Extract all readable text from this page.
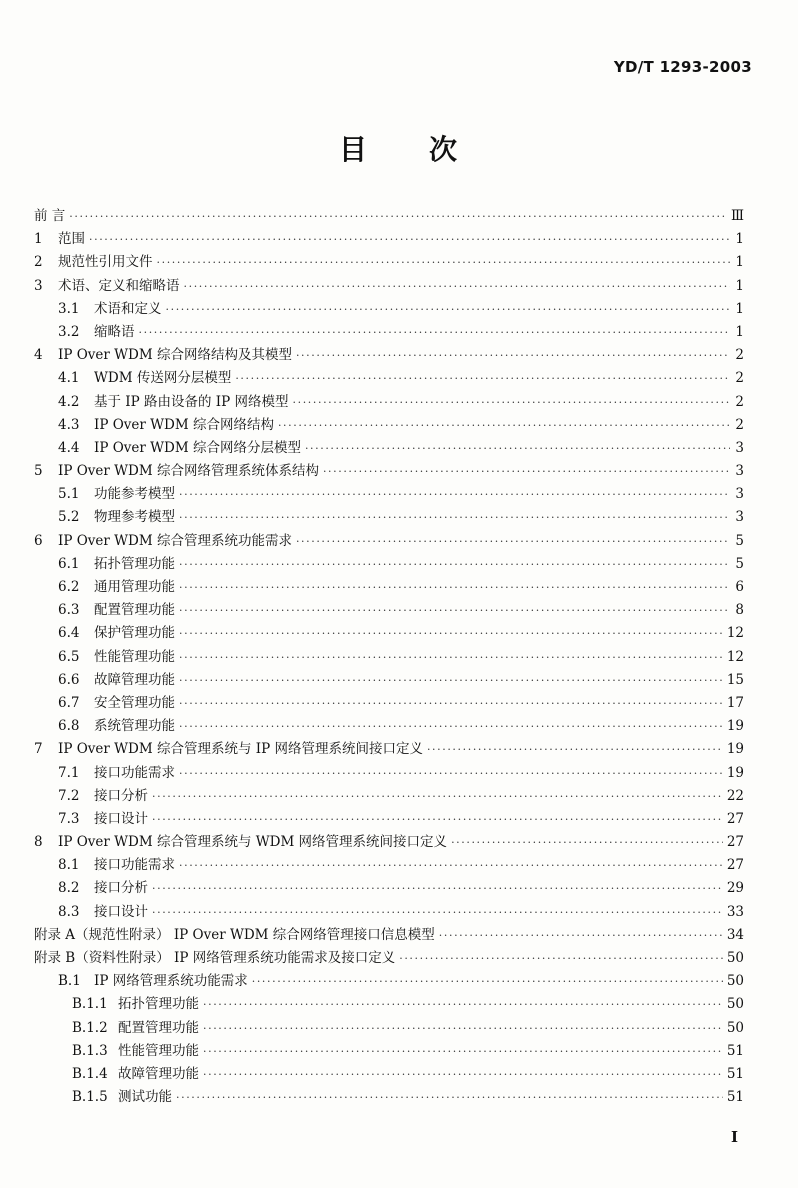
YD/T 1293-2003
目 次
前 言 ·····	Ⅲ
1	范围 ·····	1
2	规范性引用文件 ·····	1
3	术语、定义和缩略语 ·····	1
3.1	术语和定义 ·····	1
3.2	缩略语 ·····	1
4	IP Over WDM 综合网络结构及其模型 ·····	2
4.1	WDM 传送网分层模型 ·····	2
4.2	基于 IP 路由设备的 IP 网络模型 ·····	2
4.3	IP Over WDM 综合网络结构 ·····	2
4.4	IP Over WDM 综合网络分层模型 ·····	3
5	IP Over WDM 综合网络管理系统体系结构 ·····	3
5.1	功能参考模型 ·····	3
5.2	物理参考模型 ·····	3
6	IP Over WDM 综合管理系统功能需求 ·····	5
6.1	拓扑管理功能 ·····	5
6.2	通用管理功能 ·····	6
6.3	配置管理功能 ·····	8
6.4	保护管理功能 ·····	12
6.5	性能管理功能 ·····	12
6.6	故障管理功能 ·····	15
6.7	安全管理功能 ·····	17
6.8	系统管理功能 ·····	19
7	IP Over WDM 综合管理系统与 IP 网络管理系统间接口定义 ·····	19
7.1	接口功能需求 ·····	19
7.2	接口分析 ·····	22
7.3	接口设计 ·····	27
8	IP Over WDM 综合管理系统与 WDM 网络管理系统间接口定义 ·····	27
8.1	接口功能需求 ·····	27
8.2	接口分析 ·····	29
8.3	接口设计 ·····	33
附录 A（规范性附录） IP Over WDM 综合网络管理接口信息模型 ·····	34
附录 B（资料性附录） IP 网络管理系统功能需求及接口定义 ·····	50
B.1 IP 网络管理系统功能需求 ·····	50
B.1.1 拓扑管理功能 ·····	50
B.1.2 配置管理功能 ·····	50
B.1.3 性能管理功能 ·····	51
B.1.4 故障管理功能 ·····	51
B.1.5 测试功能 ·····	51
I
